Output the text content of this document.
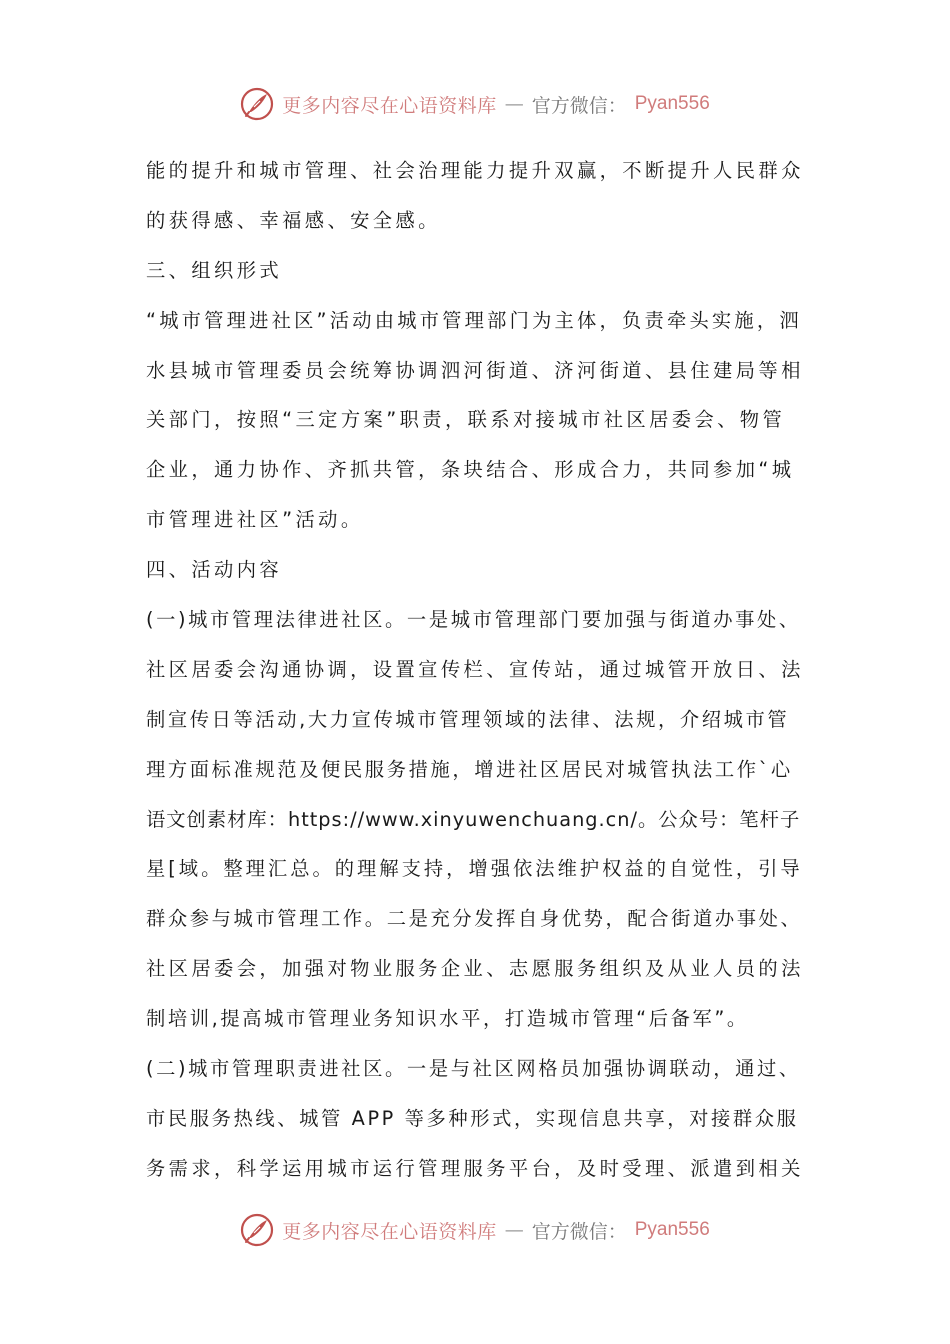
更多内容尽在心语资料库 — 官方微信： Pyan556
能的提升和城市管理、社会治理能力提升双赢，不断提升人民群众
的获得感、幸福感、安全感。
三、组织形式
“城市管理进社区”活动由城市管理部门为主体，负责牵头实施，泗
水县城市管理委员会统筹协调泗河街道、济河街道、县住建局等相
关部门，按照“三定方案”职责，联系对接城市社区居委会、物管
企业，通力协作、齐抓共管，条块结合、形成合力，共同参加“城
市管理进社区”活动。
四、活动内容
(一)城市管理法律进社区。一是城市管理部门要加强与街道办事处、
社区居委会沟通协调，设置宣传栏、宣传站，通过城管开放日、法
制宣传日等活动,大力宣传城市管理领域的法律、法规，介绍城市管
理方面标准规范及便民服务措施，增进社区居民对城管执法工作`心
语文创素材库：https://www.xinyuwenchuang.cn/。公众号：笔杆子
星[域。整理汇总。的理解支持，增强依法维护权益的自觉性，引导
群众参与城市管理工作。二是充分发挥自身优势，配合街道办事处、
社区居委会，加强对物业服务企业、志愿服务组织及从业人员的法
制培训,提高城市管理业务知识水平，打造城市管理“后备军”。
(二)城市管理职责进社区。一是与社区网格员加强协调联动，通过、
市民服务热线、城管 APP 等多种形式，实现信息共享，对接群众服
务需求，科学运用城市运行管理服务平台，及时受理、派遣到相关
更多内容尽在心语资料库 — 官方微信： Pyan556
